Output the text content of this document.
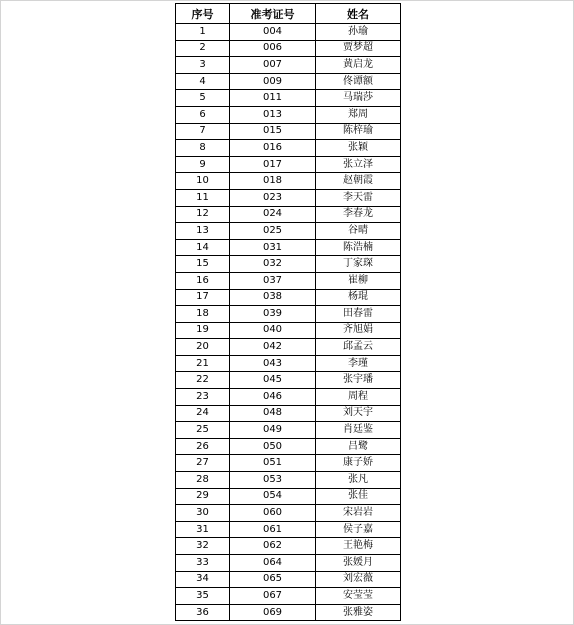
序号	准考证号	姓名
1	004	孙瑜
2	006	贾梦超
3	007	黄启龙
4	009	佟谭额
5	011	马瑞莎
6	013	郑周
7	015	陈梓瑜
8	016	张颖
9	017	张立泽
10	018	赵朝霞
11	023	李天雷
12	024	李春龙
13	025	谷晴
14	031	陈浩楠
15	032	丁家琛
16	037	崔柳
17	038	杨琨
18	039	田春雷
19	040	齐旭娟
20	042	邱孟云
21	043	李瑾
22	045	张宇璠
23	046	周程
24	048	刘天宇
25	049	肖廷鉴
26	050	吕鹭
27	051	康子娇
28	053	张凡
29	054	张佳
30	060	宋岩岩
31	061	侯子嘉
32	062	王艳梅
33	064	张媛月
34	065	刘宏薇
35	067	安莹莹
36	069	张雅姿
